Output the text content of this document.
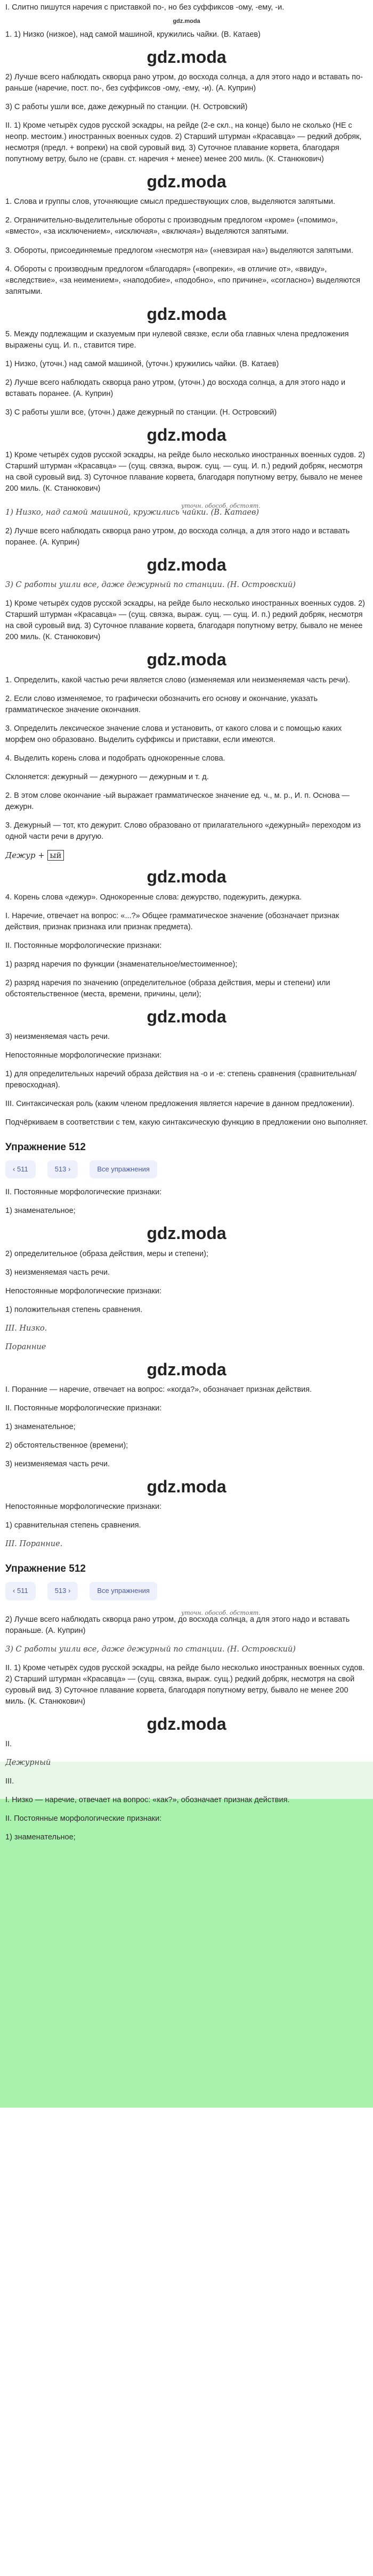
I. Слитно пишутся наречия с приставкой по-, но без суффиксов -ому, -ему, -и.

gdz.moda

1. 1) Низко (низкое), над самой машиной, кружились чайки. (В. Катаев)

gdz.moda

2) Лучше всего наблюдать скворца рано утром, до восхода солнца, а для этого надо и вставать по-раньше (наречие, пост. по-, без суффиксов -ому, -ему, -и). (А. Куприн)

3) С работы ушли все, даже дежурный по станции. (Н. Островский)

II. 1) Кроме четырёх судов русской эскадры, на рейде (2-е скл., на конце) было не сколько (НЕ с неопр. местоим.) иностранных военных судов. 2) Старший штурман «Красавца» — редкий добряк, несмотря (предл. + вопреки) на свой суровый вид. 3) Суточное плавание корвета, благодаря попутному ветру, было не (сравн. ст. наречия + менее) менее 200 миль. (К. Станюкович)

gdz.moda

1. Слова и группы слов, уточняющие смысл предшествующих слов, выделяются запятыми.

2. Ограничительно-выделительные обороты с производным предлогом «кроме» («помимо», «вместо», «за исключением», «исключая», «включая») выделяются запятыми.

3. Обороты, присоединяемые предлогом «несмотря на» («невзирая на») выделяются запятыми.

4. Обороты с производным предлогом «благодаря» («вопреки», «в отличие от», «ввиду», «вследствие», «за неимением», «наподобие», «подобно», «по причине», «согласно») выделяются запятыми.

gdz.moda

5. Между подлежащим и сказуемым при нулевой связке, если оба главных члена предложения выражены сущ. И. п., ставится тире.

1) Низко, (уточн.) над самой машиной, (уточн.) кружились чайки. (В. Катаев)

2) Лучше всего наблюдать скворца рано утром, (уточн.) до восхода солнца, а для этого надо и вставать поранее. (А. Куприн)

3) С работы ушли все, (уточн.) даже дежурный по станции. (Н. Островский)

gdz.moda

1) Кроме четырёх судов русской эскадры, на рейде было несколько иностранных военных судов. 2) Старший штурман «Красавца» — (сущ. связка, вырож. сущ. — сущ. И. п.) редкий добряк, несмотря на свой суровый вид. 3) Суточное плавание корвета, благодаря попутному ветру, бывало не менее 200 миль. (К. Станюкович)

уточн. обособ. обстоят.

1) Низко, над самой машиной, кружились чайки. (В. Катаев)

2) Лучше всего наблюдать скворца рано утром, до восхода солнца, а для этого надо и вставать поранее. (А. Куприн)

gdz.moda

3) С работы ушли все, даже дежурный по станции. (Н. Островский)

1) Кроме четырёх судов русской эскадры, на рейде было несколько иностранных военных судов. 2) Старший штурман «Красавца» — (сущ. связка, выраж. сущ. — сущ. И. п.) редкий добряк, несмотря на свой суровый вид. 3) Суточное плавание корвета, благодаря попутному ветру, бывало не менее 200 миль. (К. Станюкович)

gdz.moda

1. Определить, какой частью речи является слово (изменяемая или неизменяемая часть речи).

2. Если слово изменяемое, то графически обозначить его основу и окончание, указать грамматическое значение окончания.

3. Определить лексическое значение слова и установить, от какого слова и с помощью каких морфем оно образовано. Выделить суффиксы и приставки, если имеются.

4. Выделить корень слова и подобрать однокоренные слова.

Склоняется: дежурный — дежурного — дежурным и т. д.

2. В этом слове окончание -ый выражает грамматическое значение ед. ч., м. р., И. п. Основа — дежурн.

3. Дежурный — тот, кто дежурит. Слово образовано от прилагательного «дежурный» переходом из одной части речи в другую.

Дежур + ый
gdz.moda

4. Корень слова «дежур». Однокоренные слова: дежурство, подежурить, дежурка.

I. Наречие, отвечает на вопрос: «...?» Общее грамматическое значение (обозначает признак действия, признак признака или признак предмета).

II. Постоянные морфологические признаки:

1) разряд наречия по функции (знаменательное/местоименное);

2) разряд наречия по значению (определительное (образа действия, меры и степени) или обстоятельственное (места, времени, причины, цели);

gdz.moda

3) неизменяемая часть речи.

Непостоянные морфологические признаки:

1) для определительных наречий образа действия на -о и -е: степень сравнения (сравнительная/превосходная).

III. Синтаксическая роль (каким членом предложения является наречие в данном предложении).

Подчёркиваем в соответствии с тем, какую синтаксическую функцию в предложении оно выполняет.

Упражнение 512
‹ 511	513 ›	Все упражнения

II. Постоянные морфологические признаки:

1) знаменательное;

gdz.moda

2) определительное (образа действия, меры и степени);

3) неизменяемая часть речи.

Непостоянные морфологические признаки:

1) положительная степень сравнения.

III. Низко.

Поранние

gdz.moda

I. Поранние — наречие, отвечает на вопрос: «когда?», обозначает признак действия.

II. Постоянные морфологические признаки:

1) знаменательное;

2) обстоятельственное (времени);

3) неизменяемая часть речи.

gdz.moda

Непостоянные морфологические признаки:

1) сравнительная степень сравнения.

III. Поранние.

Упражнение 512
‹ 511	513 ›	Все упражнения
уточн. обособ. обстоят.

2) Лучше всего наблюдать скворца рано утром, до восхода солнца, а для этого надо и вставать пораньше. (А. Куприн)

3) С работы ушли все, даже дежурный по станции. (Н. Островский)

II. 1) Кроме четырёх судов русской эскадры, на рейде было несколько иностранных военных судов. 2) Старший штурман «Красавца» — (сущ. связка, выраж. сущ.) редкий добряк, несмотря на свой суровый вид. 3) Суточное плавание корвета, благодаря попутному ветру, бывало не менее 200 миль. (К. Станюкович)

gdz.moda

II.

Дежурный

III.

I. Низко — наречие, отвечает на вопрос: «как?», обозначает признак действия.

II. Постоянные морфологические признаки:

1) знаменательное;
